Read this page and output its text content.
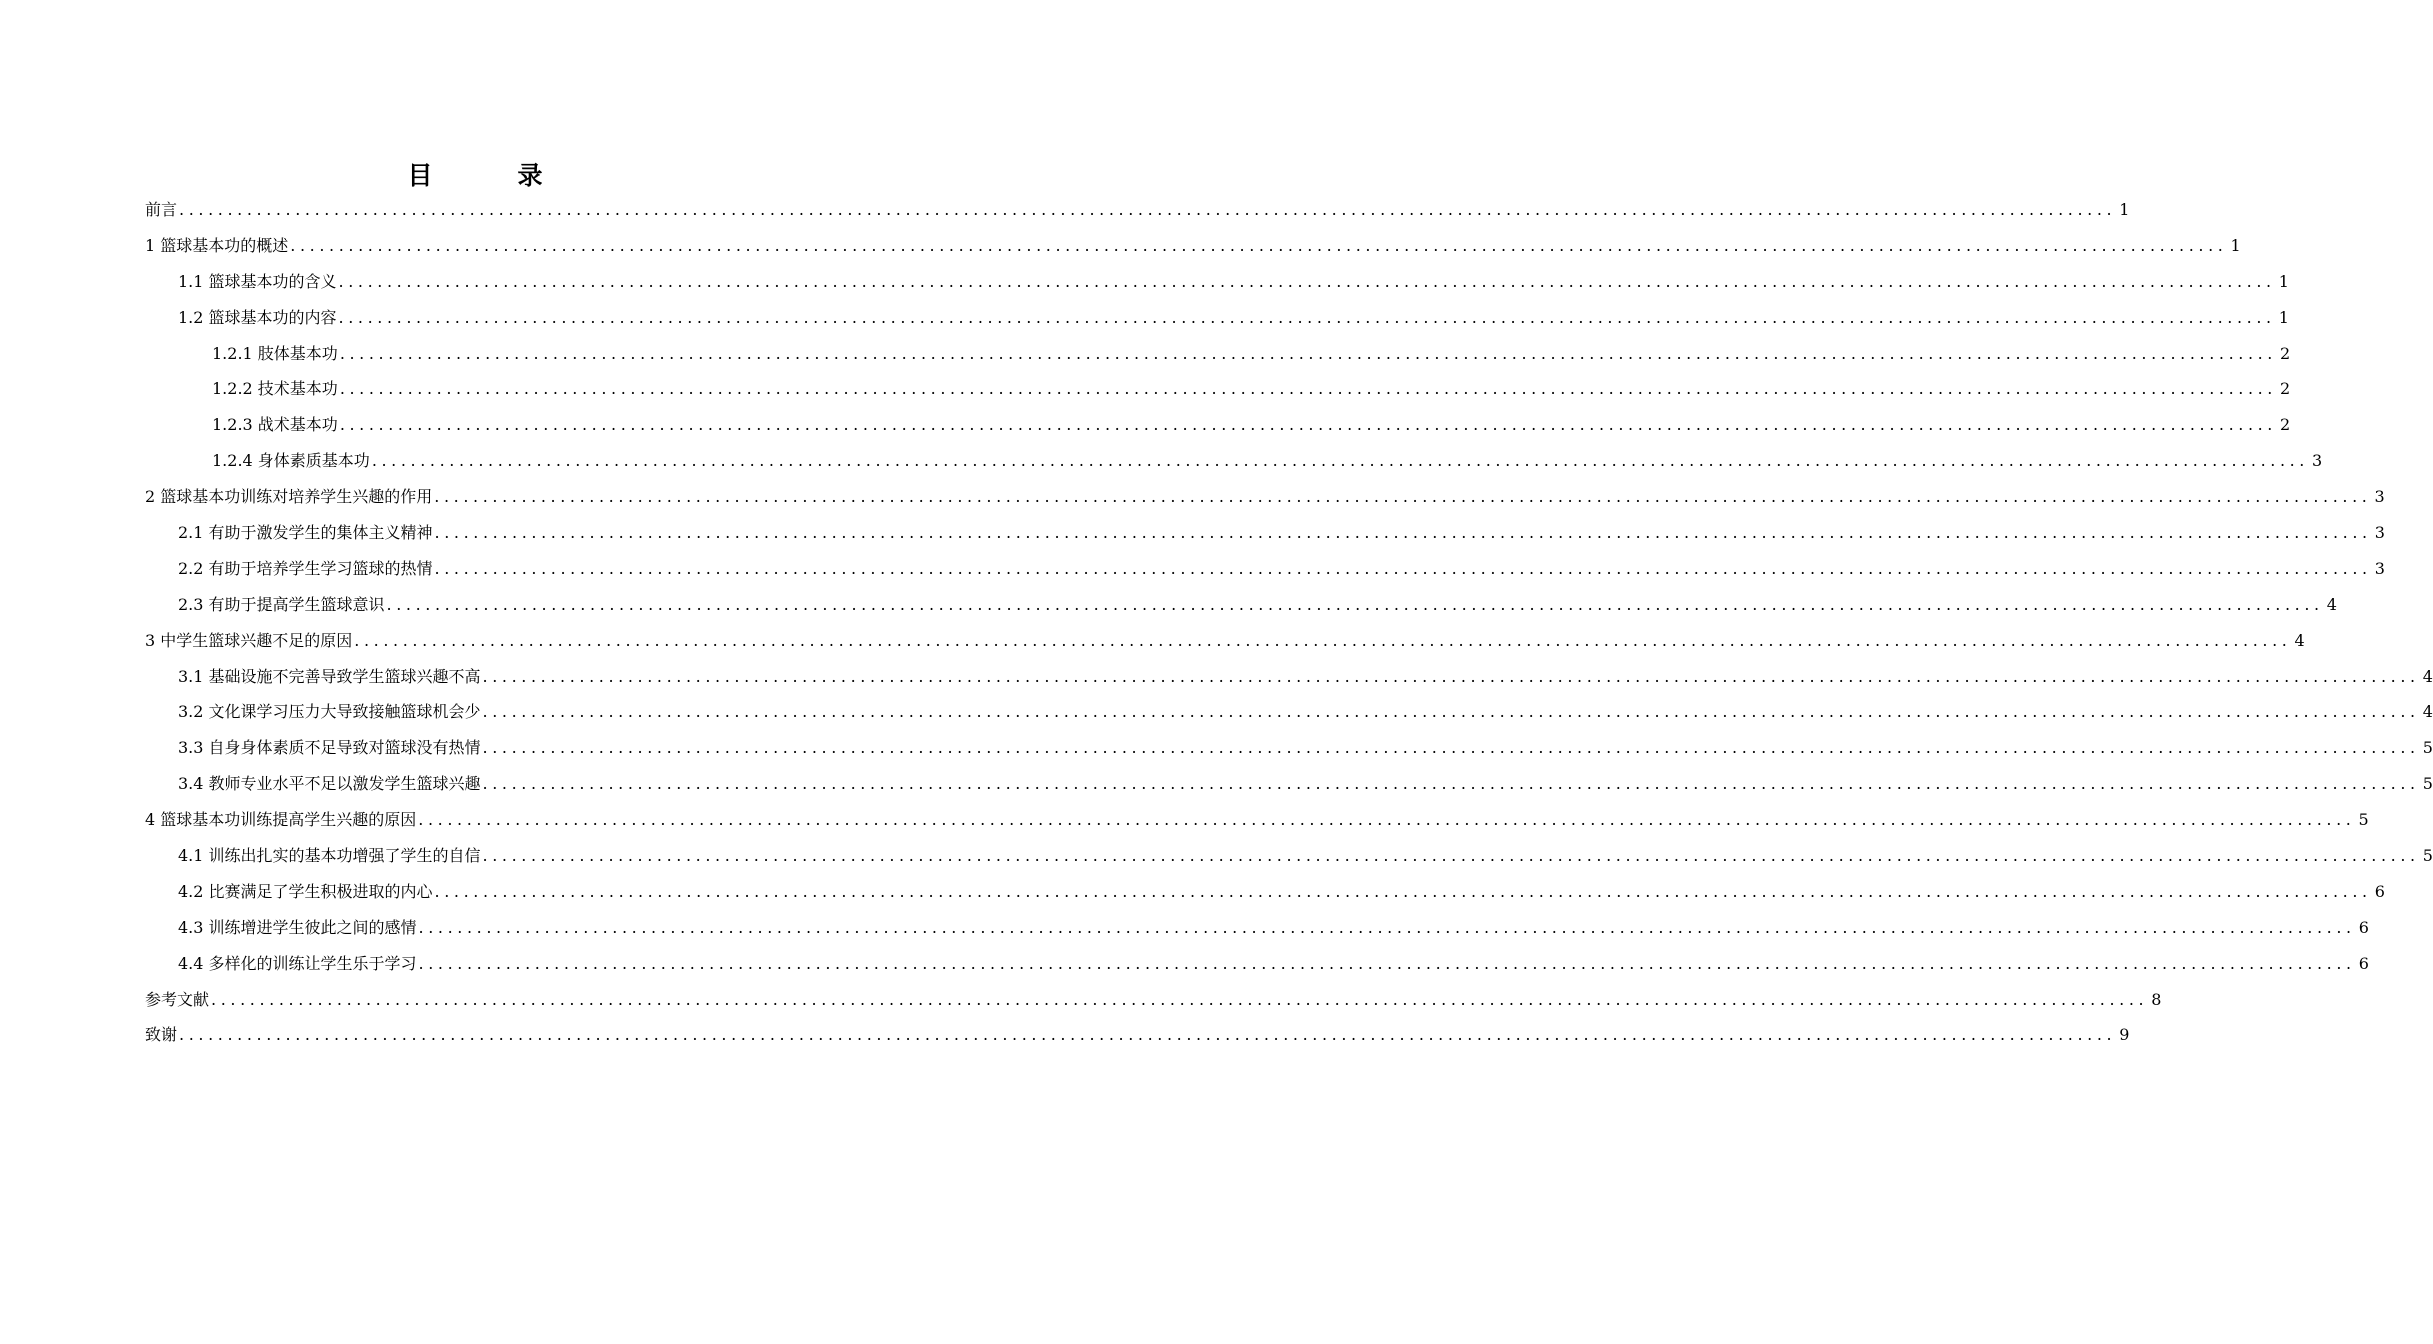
目　录
前言 ........................................................................................................................................................................................................ 1
1 篮球基本功的概述 ........................................................................................................................................................................................................ 1
1.1 篮球基本功的含义 ........................................................................................................................................................................................................ 1
1.2 篮球基本功的内容 ........................................................................................................................................................................................................ 1
1.2.1 肢体基本功 ........................................................................................................................................................................................................ 2
1.2.2 技术基本功 ........................................................................................................................................................................................................ 2
1.2.3 战术基本功 ........................................................................................................................................................................................................ 2
1.2.4 身体素质基本功 ........................................................................................................................................................................................................ 3
2 篮球基本功训练对培养学生兴趣的作用 ........................................................................................................................................................................................................ 3
2.1 有助于激发学生的集体主义精神 ........................................................................................................................................................................................................ 3
2.2 有助于培养学生学习篮球的热情 ........................................................................................................................................................................................................ 3
2.3 有助于提高学生篮球意识 ........................................................................................................................................................................................................ 4
3 中学生篮球兴趣不足的原因 ........................................................................................................................................................................................................ 4
3.1 基础设施不完善导致学生篮球兴趣不高 ........................................................................................................................................................................................................ 4
3.2 文化课学习压力大导致接触篮球机会少 ........................................................................................................................................................................................................ 4
3.3 自身身体素质不足导致对篮球没有热情 ........................................................................................................................................................................................................ 5
3.4 教师专业水平不足以激发学生篮球兴趣 ........................................................................................................................................................................................................ 5
4 篮球基本功训练提高学生兴趣的原因 ........................................................................................................................................................................................................ 5
4.1 训练出扎实的基本功增强了学生的自信 ........................................................................................................................................................................................................ 5
4.2 比赛满足了学生积极进取的内心 ........................................................................................................................................................................................................ 6
4.3 训练增进学生彼此之间的感情 ........................................................................................................................................................................................................ 6
4.4 多样化的训练让学生乐于学习 ........................................................................................................................................................................................................ 6
参考文献 ........................................................................................................................................................................................................ 8
致谢 ........................................................................................................................................................................................................ 9
